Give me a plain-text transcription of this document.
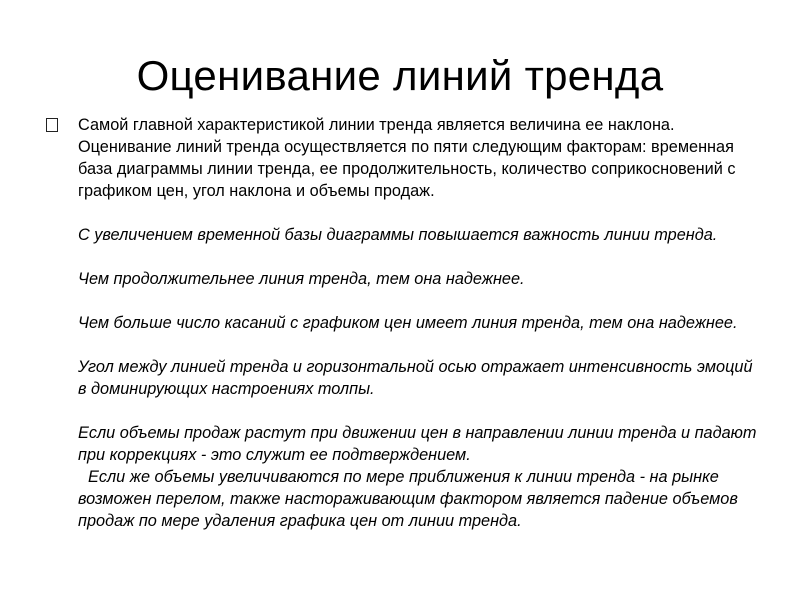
Оценивание линий тренда

Самой главной характеристикой линии тренда является величина ее наклона. Оценивание линий тренда осуществляется по пяти следующим факторам: временная база диаграммы линии тренда, ее продолжительность, количество соприкосновений с графиком цен, угол наклона и объемы продаж.

С увеличением временной базы диаграммы повышается важность линии тренда.

Чем продолжительнее линия тренда, тем она надежнее.

Чем больше число касаний с графиком цен имеет линия тренда, тем она надежнее.

Угол между линией тренда и горизонтальной осью отражает интенсивность эмоций в доминирующих настроениях толпы.

Если объемы продаж растут при движении цен в направлении линии тренда и падают при коррекциях - это служит ее подтверждением.

Если же объемы увеличиваются по мере приближения к линии тренда - на рынке возможен перелом, также настораживающим фактором является падение объемов продаж по мере удаления графика цен от линии тренда.
